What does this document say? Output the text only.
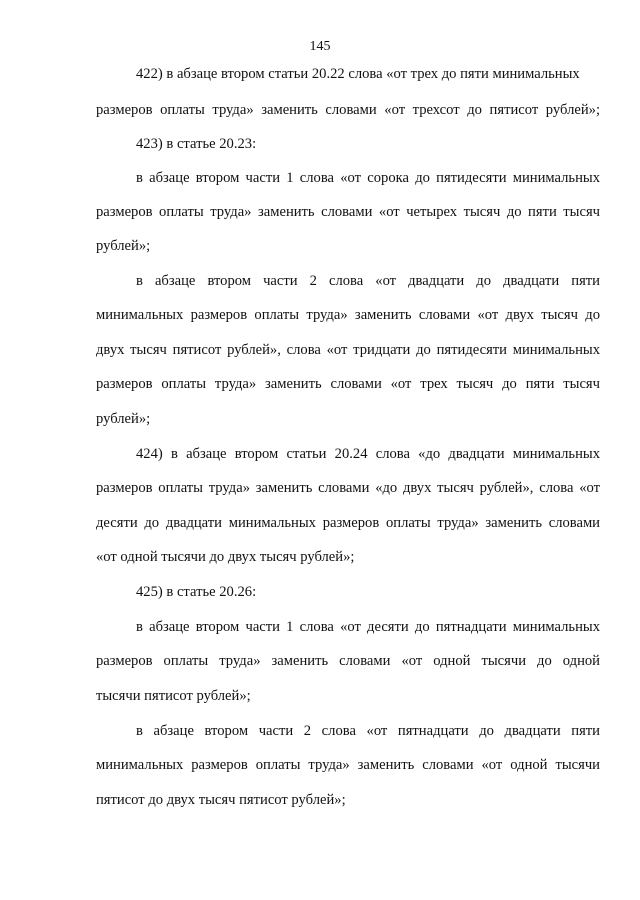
145
422) в абзаце втором статьи 20.22 слова «от трех до пяти минимальных
размеров оплаты труда» заменить словами «от трехсот до пятисот рублей»;
423) в статье 20.23:
в абзаце втором части 1 слова «от сорока до пятидесяти минимальных
размеров оплаты труда» заменить словами «от четырех тысяч до пяти тысяч
рублей»;
в абзаце втором части 2 слова «от двадцати до двадцати пяти
минимальных размеров оплаты труда» заменить словами «от двух тысяч до
двух тысяч пятисот рублей», слова «от тридцати до пятидесяти минимальных
размеров оплаты труда» заменить словами «от трех тысяч до пяти тысяч
рублей»;
424) в абзаце втором статьи 20.24 слова «до двадцати минимальных
размеров оплаты труда» заменить словами «до двух тысяч рублей», слова «от
десяти до двадцати минимальных размеров оплаты труда» заменить словами
«от одной тысячи до двух тысяч рублей»;
425) в статье 20.26:
в абзаце втором части 1 слова «от десяти до пятнадцати минимальных
размеров оплаты труда» заменить словами «от одной тысячи до одной
тысячи пятисот рублей»;
в абзаце втором части 2 слова «от пятнадцати до двадцати пяти
минимальных размеров оплаты труда» заменить словами «от одной тысячи
пятисот до двух тысяч пятисот рублей»;
